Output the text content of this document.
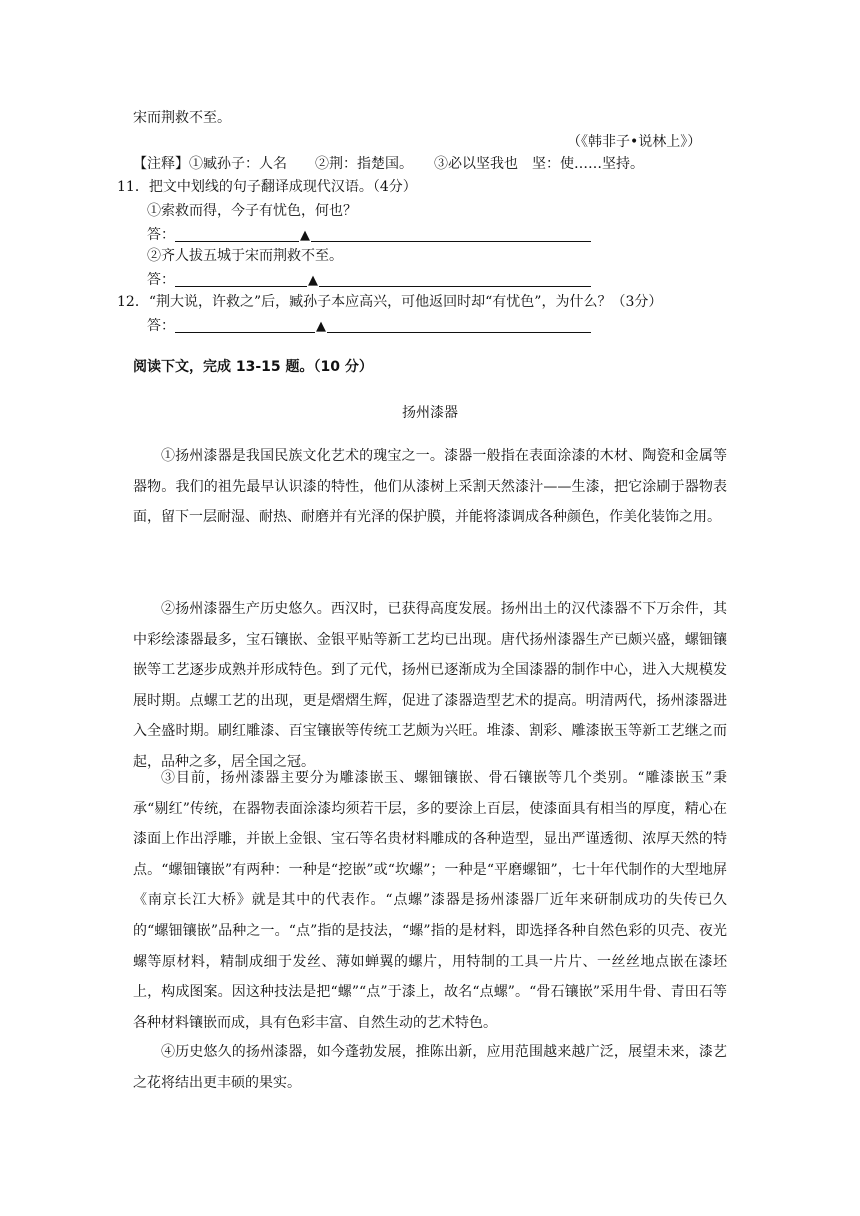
宋而荆救不至。
（《韩非子•说林上》）
【注释】①臧孙子：人名　　②荆：指楚国。　　③必以坚我也　坚：使……坚持。
11．把文中划线的句子翻译成现代汉语。（4分）
①索救而得，今子有忧色，何也？
答：	▲
②齐人拔五城于宋而荆救不至。
答：	▲
12．“荆大说，许救之”后，臧孙子本应高兴，可他返回时却“有忧色”，为什么？（3分）
答：	▲
阅读下文，完成 13-15 题。（10 分）
扬州漆器

①扬州漆器是我国民族文化艺术的瑰宝之一。漆器一般指在表面涂漆的木材、陶瓷和金属等器物。我们的祖先最早认识漆的特性，他们从漆树上采割天然漆汁——生漆，把它涂刷于器物表面，留下一层耐湿、耐热、耐磨并有光泽的保护膜，并能将漆调成各种颜色，作美化装饰之用。

②扬州漆器生产历史悠久。西汉时，已获得高度发展。扬州出土的汉代漆器不下万余件，其中彩绘漆器最多，宝石镶嵌、金银平贴等新工艺均已出现。唐代扬州漆器生产已颇兴盛，螺钿镶嵌等工艺逐步成熟并形成特色。到了元代，扬州已逐渐成为全国漆器的制作中心，进入大规模发展时期。点螺工艺的出现，更是熠熠生辉，促进了漆器造型艺术的提高。明清两代，扬州漆器进入全盛时期。刷红雕漆、百宝镶嵌等传统工艺颇为兴旺。堆漆、割彩、雕漆嵌玉等新工艺继之而起，品种之多，居全国之冠。

③目前，扬州漆器主要分为雕漆嵌玉、螺钿镶嵌、骨石镶嵌等几个类别。“雕漆嵌玉”秉承“剔红”传统，在器物表面涂漆均须若干层，多的要涂上百层，使漆面具有相当的厚度，精心在漆面上作出浮雕，并嵌上金银、宝石等名贵材料雕成的各种造型，显出严谨透彻、浓厚天然的特点。“螺钿镶嵌”有两种：一种是“挖嵌”或“坎螺”；一种是“平磨螺钿”，七十年代制作的大型地屏《南京长江大桥》就是其中的代表作。“点螺”漆器是扬州漆器厂近年来研制成功的失传已久的“螺钿镶嵌”品种之一。“点”指的是技法，“螺”指的是材料，即选择各种自然色彩的贝壳、夜光螺等原材料，精制成细于发丝、薄如蝉翼的螺片，用特制的工具一片片、一丝丝地点嵌在漆坯上，构成图案。因这种技法是把“螺”“点”于漆上，故名“点螺”。“骨石镶嵌”采用牛骨、青田石等各种材料镶嵌而成，具有色彩丰富、自然生动的艺术特色。

④历史悠久的扬州漆器，如今蓬勃发展，推陈出新，应用范围越来越广泛，展望未来，漆艺之花将结出更丰硕的果实。
